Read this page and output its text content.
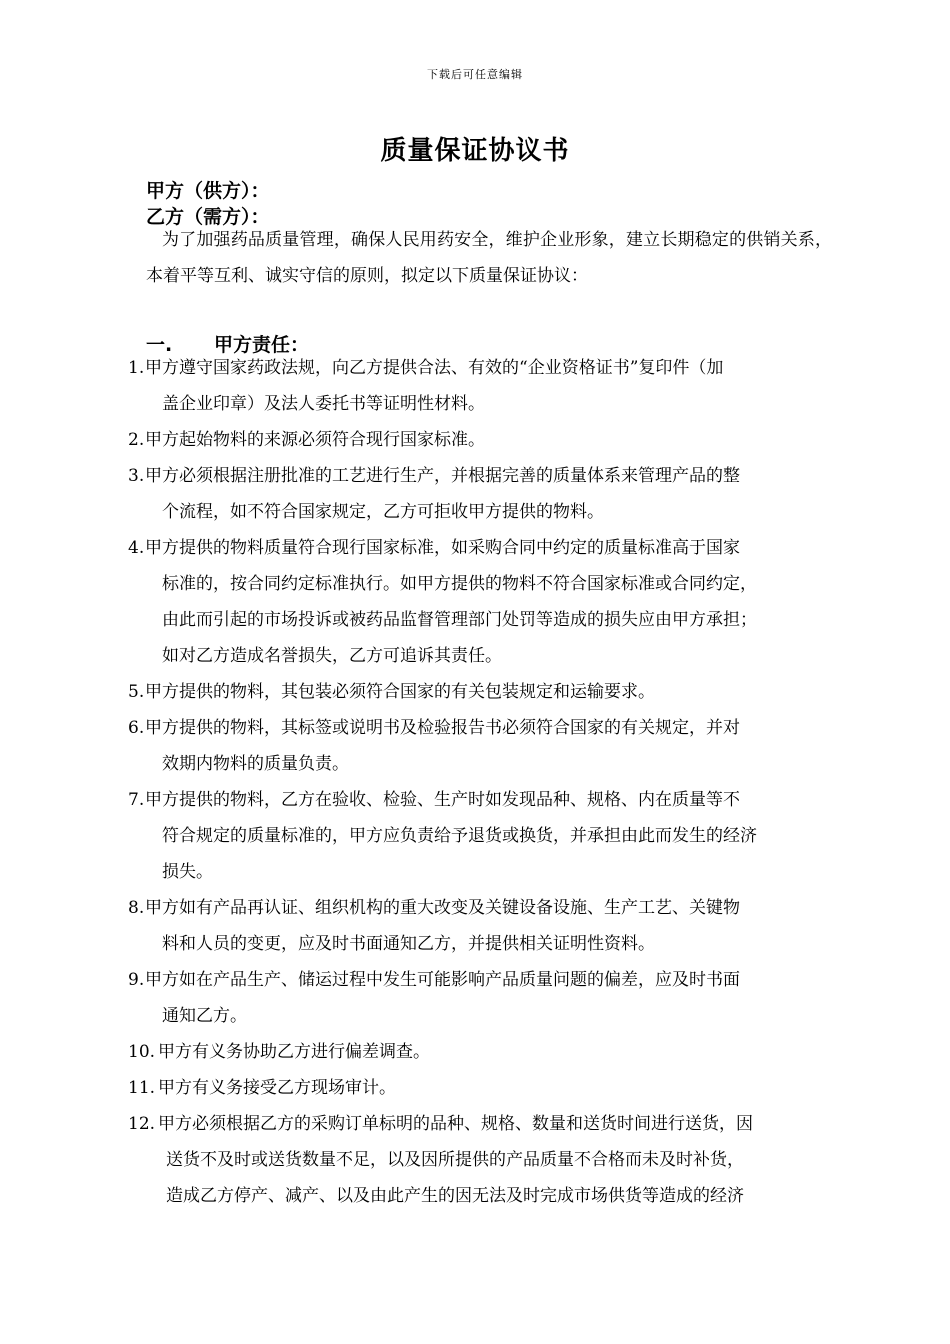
下载后可任意编辑
质量保证协议书
甲方（供方）：
乙方（需方）：
为了加强药品质量管理，确保人民用药安全，维护企业形象，建立长期稳定的供销关系，本着平等互利、诚实守信的原则，拟定以下质量保证协议：
一. 甲方责任：
1. 甲方遵守国家药政法规，向乙方提供合法、有效的“企业资格证书”复印件（加
盖企业印章）及法人委托书等证明性材料。
2. 甲方起始物料的来源必须符合现行国家标准。
3. 甲方必须根据注册批准的工艺进行生产，并根据完善的质量体系来管理产品的整
个流程，如不符合国家规定，乙方可拒收甲方提供的物料。
4. 甲方提供的物料质量符合现行国家标准，如采购合同中约定的质量标准高于国家
标准的，按合同约定标准执行。如甲方提供的物料不符合国家标准或合同约定，
由此而引起的市场投诉或被药品监督管理部门处罚等造成的损失应由甲方承担；
如对乙方造成名誉损失，乙方可追诉其责任。
5. 甲方提供的物料，其包装必须符合国家的有关包装规定和运输要求。
6. 甲方提供的物料，其标签或说明书及检验报告书必须符合国家的有关规定，并对
效期内物料的质量负责。
7. 甲方提供的物料，乙方在验收、检验、生产时如发现品种、规格、内在质量等不
符合规定的质量标准的，甲方应负责给予退货或换货，并承担由此而发生的经济
损失。
8. 甲方如有产品再认证、组织机构的重大改变及关键设备设施、生产工艺、关键物
料和人员的变更，应及时书面通知乙方，并提供相关证明性资料。
9. 甲方如在产品生产、储运过程中发生可能影响产品质量问题的偏差，应及时书面
通知乙方。
10. 甲方有义务协助乙方进行偏差调查。
11. 甲方有义务接受乙方现场审计。
12. 甲方必须根据乙方的采购订单标明的品种、规格、数量和送货时间进行送货，因
送货不及时或送货数量不足，以及因所提供的产品质量不合格而未及时补货，
造成乙方停产、减产、以及由此产生的因无法及时完成市场供货等造成的经济
